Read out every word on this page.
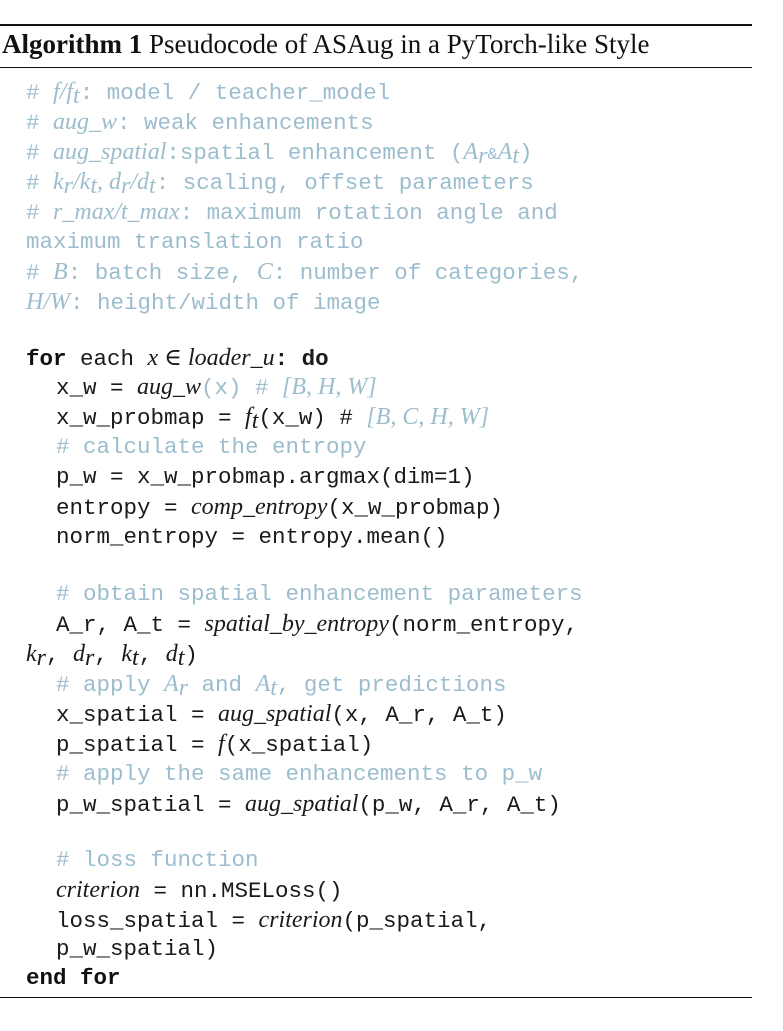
Algorithm 1 Pseudocode of ASAug in a PyTorch-like Style
# $f/f_t$: model / teacher_model
# aug_w: weak enhancements
# aug_spatial:spatial enhancement $(A_r\&A_t)$
# $k_r/k_t$, $d_r/d_t$: scaling, offset parameters
# r_max/t_max: maximum rotation angle and
maximum translation ratio
# B: batch size, C: number of categories,
H/W: height/width of image
for each x ∈ loader_u: do
x_w = aug_w(x) # [B, H, W]
x_w_probmap = $f_t(x\_w)$ # [B, C, H, W]
# calculate the entropy
p_w = x_w_probmap.argmax(dim=1)
entropy = comp_entropy(x_w_probmap)
norm_entropy = entropy.mean()
# obtain spatial enhancement parameters
A_r, A_t = spatial_by_entropy(norm_entropy,
$k_r$, $d_r$, $k_t$, $d_t$)
# apply $A_r$ and $A_t$, get predictions
x_spatial = aug_spatial(x, A_r, A_t)
p_spatial = f(x_spatial)
# apply the same enhancements to p_w
p_w_spatial = aug_spatial(p_w, A_r, A_t)
# loss function
criterion = nn.MSELoss()
loss_spatial = criterion(p_spatial,
p_w_spatial)
end for
